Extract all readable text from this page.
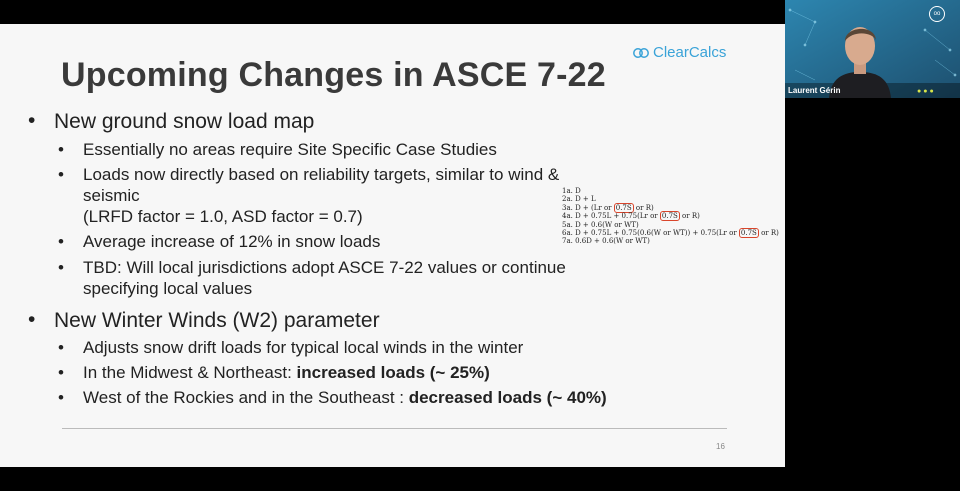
Upcoming Changes in ASCE 7-22
ClearCalcs
• New ground snow load map
• Essentially no areas require Site Specific Case Studies
• Loads now directly based on reliability targets, similar to wind &
seismic
(LRFD factor = 1.0, ASD factor = 0.7)
• Average increase of 12% in snow loads
• TBD: Will local jurisdictions adopt ASCE 7-22 values or continue
specifying local values
• New Winter Winds (W2) parameter
• Adjusts snow drift loads for typical local winds in the winter
• In the Midwest & Northeast: increased loads (~ 25%)
• West of the Rockies and in the Southeast : decreased loads (~ 40%)
1a. D
2a. D + L
3a. D + (Lr or 0.7S or R)
4a. D + 0.75L + 0.75(Lr or 0.7S or R)
5a. D + 0.6(W or WT)
6a. D + 0.75L + 0.75(0.6(W or WT)) + 0.75(Lr or 0.7S or R)
7a. 0.6D + 0.6(W or WT)
16
oo
Laurent Gérin	●●●
